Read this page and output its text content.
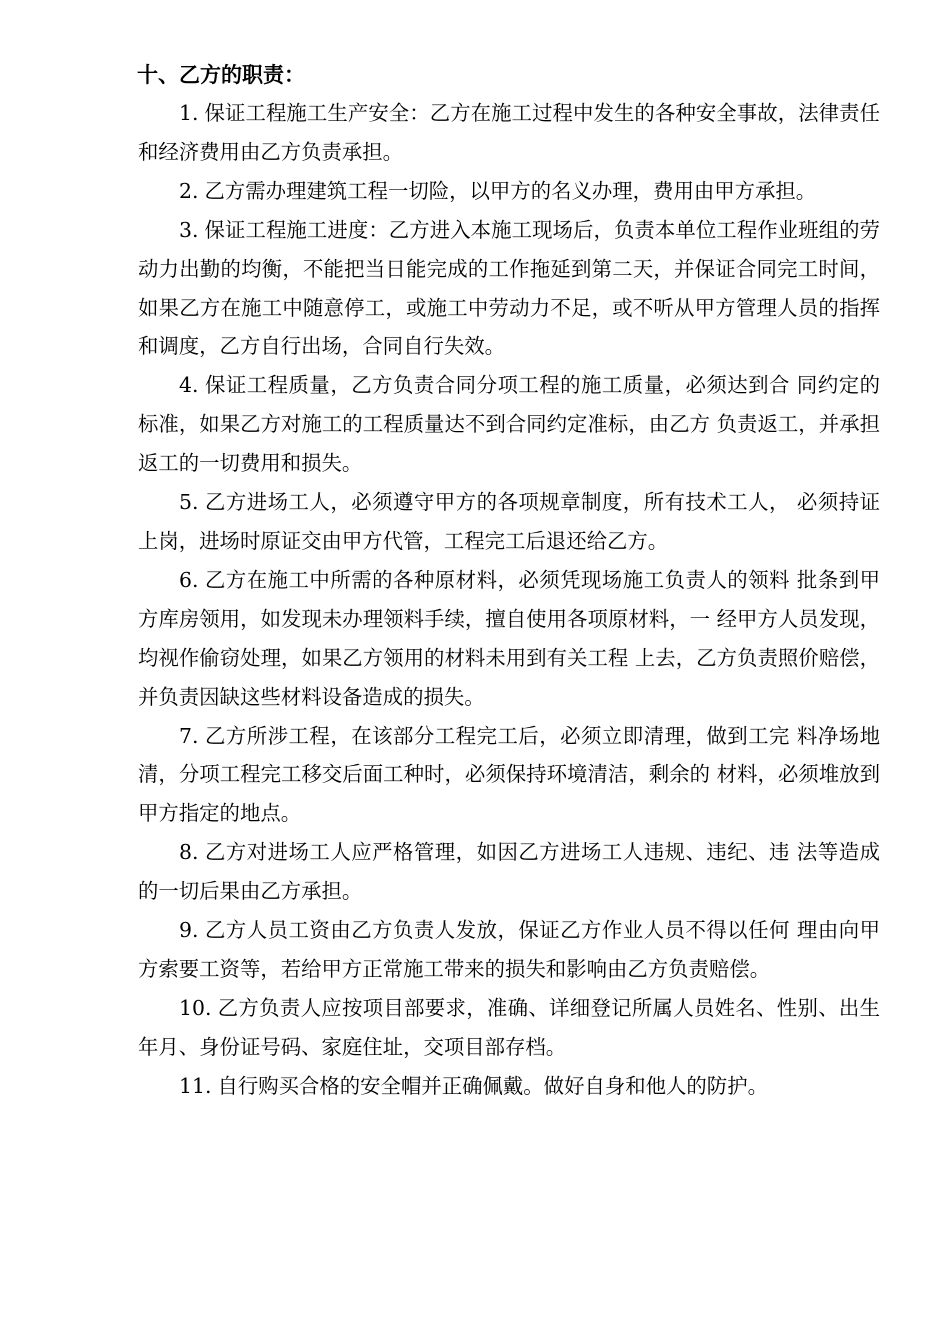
十、乙方的职责：

1. 保证工程施工生产安全：乙方在施工过程中发生的各种安全事故，法律责任和经济费用由乙方负责承担。

2. 乙方需办理建筑工程一切险，以甲方的名义办理，费用由甲方承担。

3. 保证工程施工进度：乙方进入本施工现场后，负责本单位工程作业班组的劳动力出勤的均衡，不能把当日能完成的工作拖延到第二天，并保证合同完工时间，如果乙方在施工中随意停工，或施工中劳动力不足，或不听从甲方管理人员的指挥和调度，乙方自行出场，合同自行失效。

4. 保证工程质量，乙方负责合同分项工程的施工质量，必须达到合 同约定的标准，如果乙方对施工的工程质量达不到合同约定准标，由乙方 负责返工，并承担返工的一切费用和损失。

5. 乙方进场工人，必须遵守甲方的各项规章制度，所有技术工人， 必须持证上岗，进场时原证交由甲方代管，工程完工后退还给乙方。

6. 乙方在施工中所需的各种原材料，必须凭现场施工负责人的领料 批条到甲方库房领用，如发现未办理领料手续，擅自使用各项原材料，一 经甲方人员发现，均视作偷窃处理，如果乙方领用的材料未用到有关工程 上去，乙方负责照价赔偿，并负责因缺这些材料设备造成的损失。

7. 乙方所涉工程，在该部分工程完工后，必须立即清理，做到工完 料净场地清，分项工程完工移交后面工种时，必须保持环境清洁，剩余的 材料，必须堆放到甲方指定的地点。

8. 乙方对进场工人应严格管理，如因乙方进场工人违规、违纪、违 法等造成的一切后果由乙方承担。

9. 乙方人员工资由乙方负责人发放，保证乙方作业人员不得以任何 理由向甲方索要工资等，若给甲方正常施工带来的损失和影响由乙方负责赔偿。

10. 乙方负责人应按项目部要求，准确、详细登记所属人员姓名、性别、出生年月、身份证号码、家庭住址，交项目部存档。

11. 自行购买合格的安全帽并正确佩戴。做好自身和他人的防护。
